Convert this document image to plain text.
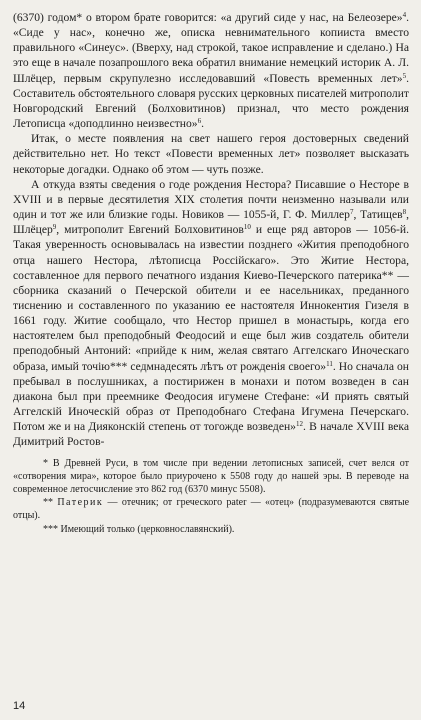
(6370) годом* о втором брате говорится: «а другий сиде у нас, на Белеозере»$^4$. «Сиде у нас», конечно же, описка невнимательного копииста вместо правильного «Синеус». (Вверху, над строкой, такое исправление и сделано.) На это еще в начале позапрошлого века обратил внимание немецкий историк А. Л. Шлёцер, первым скрупулезно исследовавший «Повесть временных лет»$^5$. Составитель обстоятельного словаря русских церковных писателей митрополит Новгородский Евгений (Болховитинов) признал, что место рождения Летописца «доподлинно неизвестно»$^6$.

Итак, о месте появления на свет нашего героя достоверных сведений действительно нет. Но текст «Повести временных лет» позволяет высказать некоторые догадки. Однако об этом — чуть позже.

А откуда взяты сведения о годе рождения Нестора? Писавшие о Несторе в XVIII и в первые десятилетия XIX столетия почти неизменно называли или один и тот же или близкие годы. Новиков — 1055-й, Г. Ф. Миллер$^7$, Татищев$^8$, Шлёцер$^9$, митрополит Евгений Болховитинов$^{10}$ и еще ряд авторов — 1056-й. Такая уверенность основывалась на известии позднего «Жития преподобного отца нашего Нестора, лѣтописца Россiйскаго». Это Житие Нестора, составленное для первого печатного издания Киево-Печерского патерика** — сборника сказаний о Печерской обители и ее насельниках, преданного тиснению и составленного по указанию ее настоятеля Иннокентия Гизеля в 1661 году. Житие сообщало, что Нестор пришел в монастырь, когда его настоятелем был преподобный Феодосий и еще был жив создатель обители преподобный Антоний: «прийде к ним, желая святаго Аггелскаго Иноческаго образа, имый точiю*** седмнадесять лѣтъ от рожденiя своего»$^{11}$. Но сначала он пребывал в послушниках, а постирижен в монахи и потом возведен в сан диакона был при преемнике Феодосия игумене Стефане: «И приять святый Аггелскiй Иноческiй образ от Преподобнаго Стефана Игумена Печерскаго. Потом же и на Дияконскiй степень от тогожде возведен»$^{12}$. В начале XVIII века Димитрий Ростов-

* В Древней Руси, в том числе при ведении летописных записей, счет велся от «сотворения мира», которое было приурочено к 5508 году до нашей эры. В переводе на современное летосчисление это 862 год (6370 минус 5508).

** Патерик — отечник; от греческого pater — «отец» (подразумеваются святые отцы).

*** Имеющий только (церковнославянский).

14
